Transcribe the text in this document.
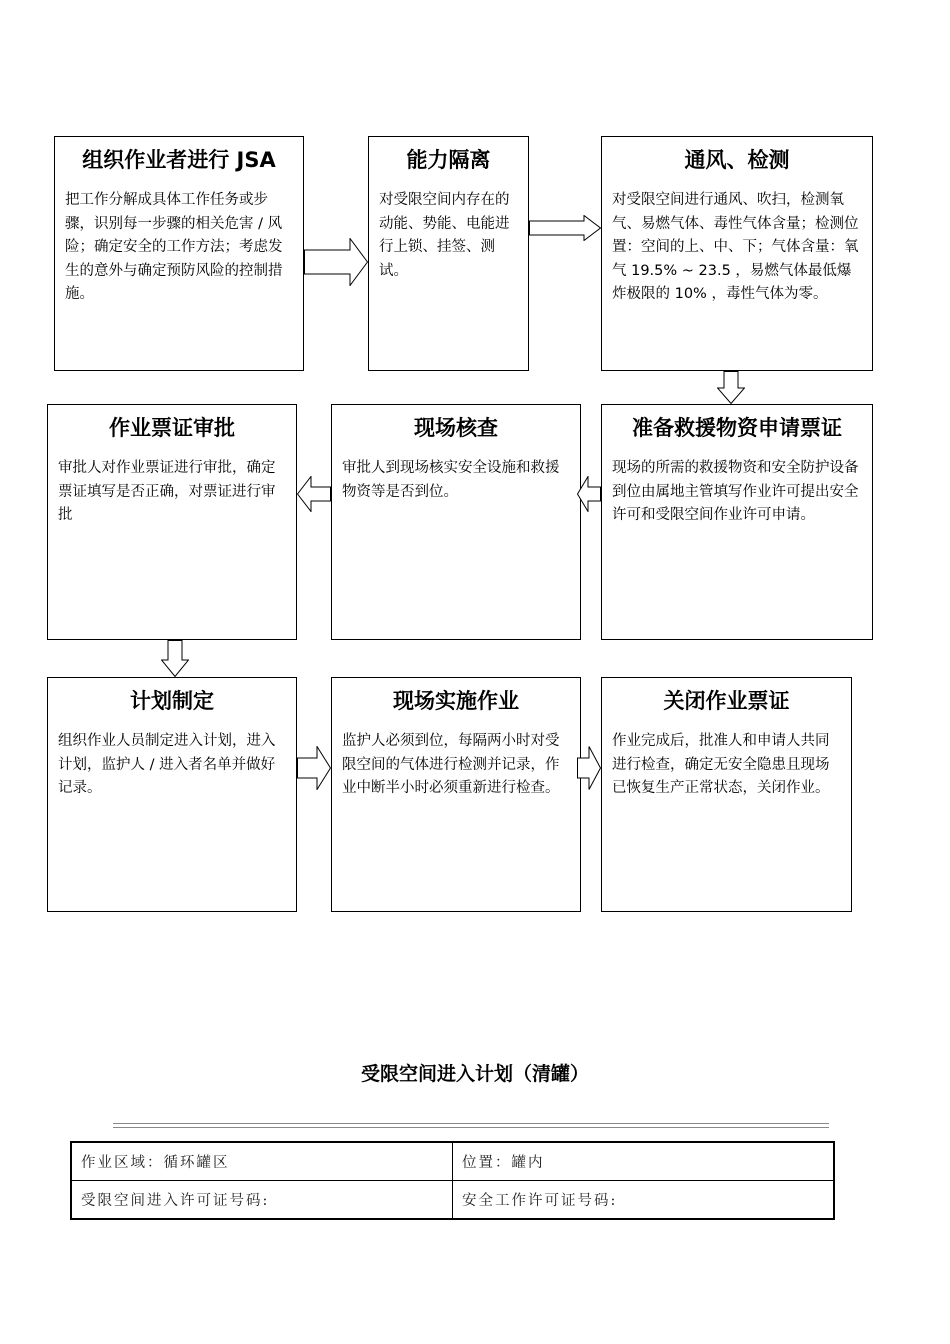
组织作业者进行 JSA
把工作分解成具体工作任务或步骤，识别每一步骤的相关危害 / 风险；确定安全的工作方法；考虑发生的意外与确定预防风险的控制措施。
能力隔离
对受限空间内存在的动能、势能、电能进行上锁、挂签、测试。
通风、检测
对受限空间进行通风、吹扫，检测氧气、易燃气体、毒性气体含量；检测位置：空间的上、中、下；气体含量：氧气 19.5% ~ 23.5 ，易燃气体最低爆炸极限的 10% ，毒性气体为零。
准备救援物资申请票证
现场的所需的救援物资和安全防护设备到位由属地主管填写作业许可提出安全许可和受限空间作业许可申请。
现场核查
审批人到现场核实安全设施和救援物资等是否到位。
作业票证审批
审批人对作业票证进行审批，确定票证填写是否正确，对票证进行审批
计划制定
组织作业人员制定进入计划，进入计划，监护人 / 进入者名单并做好记录。
现场实施作业
监护人必须到位，每隔两小时对受限空间的气体进行检测并记录，作业中断半小时必须重新进行检查。
关闭作业票证
作业完成后，批准人和申请人共同进行检查，确定无安全隐患且现场已恢复生产正常状态，关闭作业。
受限空间进入计划（清罐）
作业区域：循环罐区	位置：罐内
受限空间进入许可证号码:	安全工作许可证号码:
